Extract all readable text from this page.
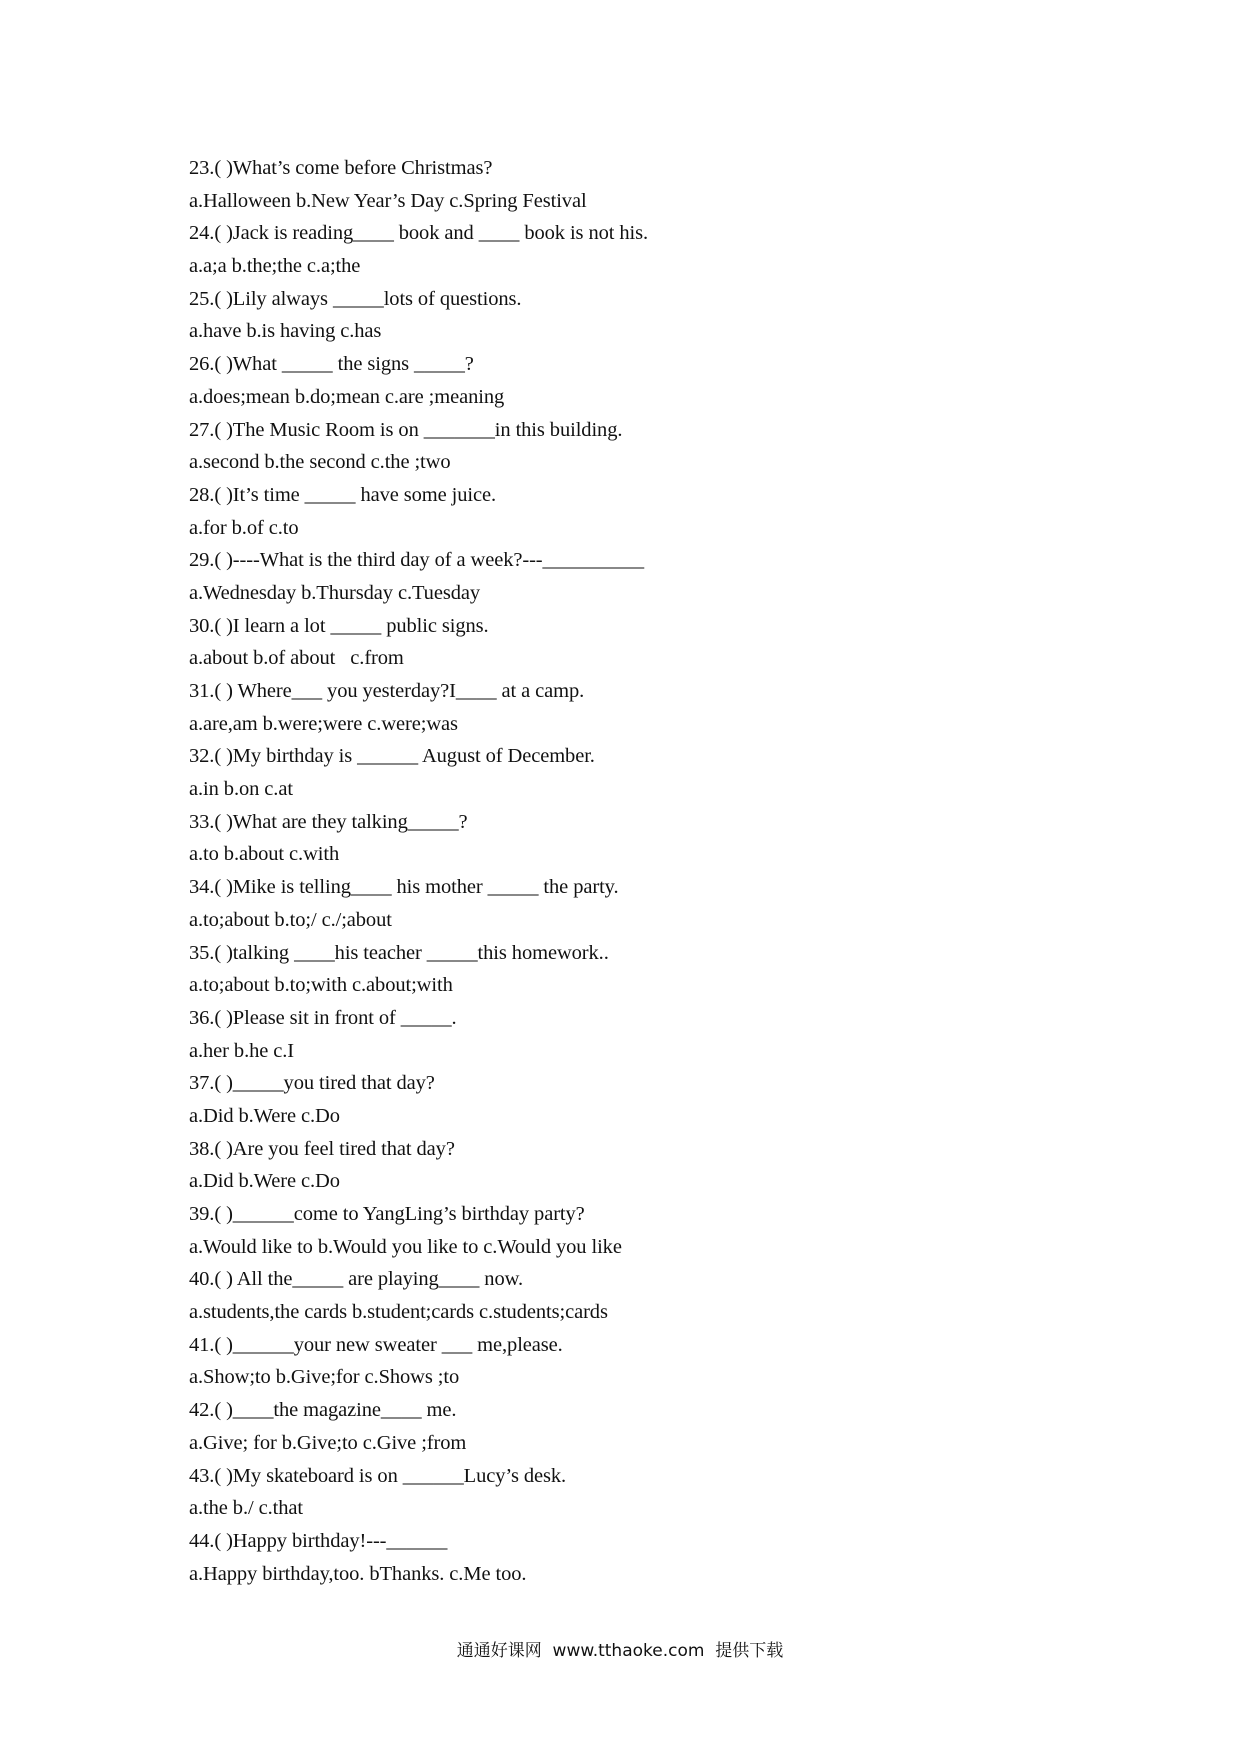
23.( )What’s come before Christmas?
a.Halloween b.New Year’s Day c.Spring Festival
24.( )Jack is reading____ book and ____ book is not his.
a.a;a b.the;the c.a;the
25.( )Lily always _____lots of questions.
a.have b.is having c.has
26.( )What _____ the signs _____?
a.does;mean b.do;mean c.are ;meaning
27.( )The Music Room is on _______in this building.
a.second b.the second c.the ;two
28.( )It’s time _____ have some juice.
a.for b.of c.to
29.( )----What is the third day of a week?---__________
a.Wednesday b.Thursday c.Tuesday
30.( )I learn a lot _____ public signs.
a.about b.of about   c.from
31.( ) Where___ you yesterday?I____ at a camp.
a.are,am b.were;were c.were;was
32.( )My birthday is ______ August of December.
a.in b.on c.at
33.( )What are they talking_____?
a.to b.about c.with
34.( )Mike is telling____ his mother _____ the party.
a.to;about b.to;/ c./;about
35.( )talking ____his teacher _____this homework..
a.to;about b.to;with c.about;with
36.( )Please sit in front of _____.
a.her b.he c.I
37.( )_____you tired that day?
a.Did b.Were c.Do
38.( )Are you feel tired that day?
a.Did b.Were c.Do
39.( )______come to YangLing’s birthday party?
a.Would like to b.Would you like to c.Would you like
40.( ) All the_____ are playing____ now.
a.students,the cards b.student;cards c.students;cards
41.( )______your new sweater ___ me,please.
a.Show;to b.Give;for c.Shows ;to
42.( )____the magazine____ me.
a.Give; for b.Give;to c.Give ;from
43.( )My skateboard is on ______Lucy’s desk.
a.the b./ c.that
44.( )Happy birthday!---______
a.Happy birthday,too. bThanks. c.Me too.
通通好课网  www.tthaoke.com  提供下载
